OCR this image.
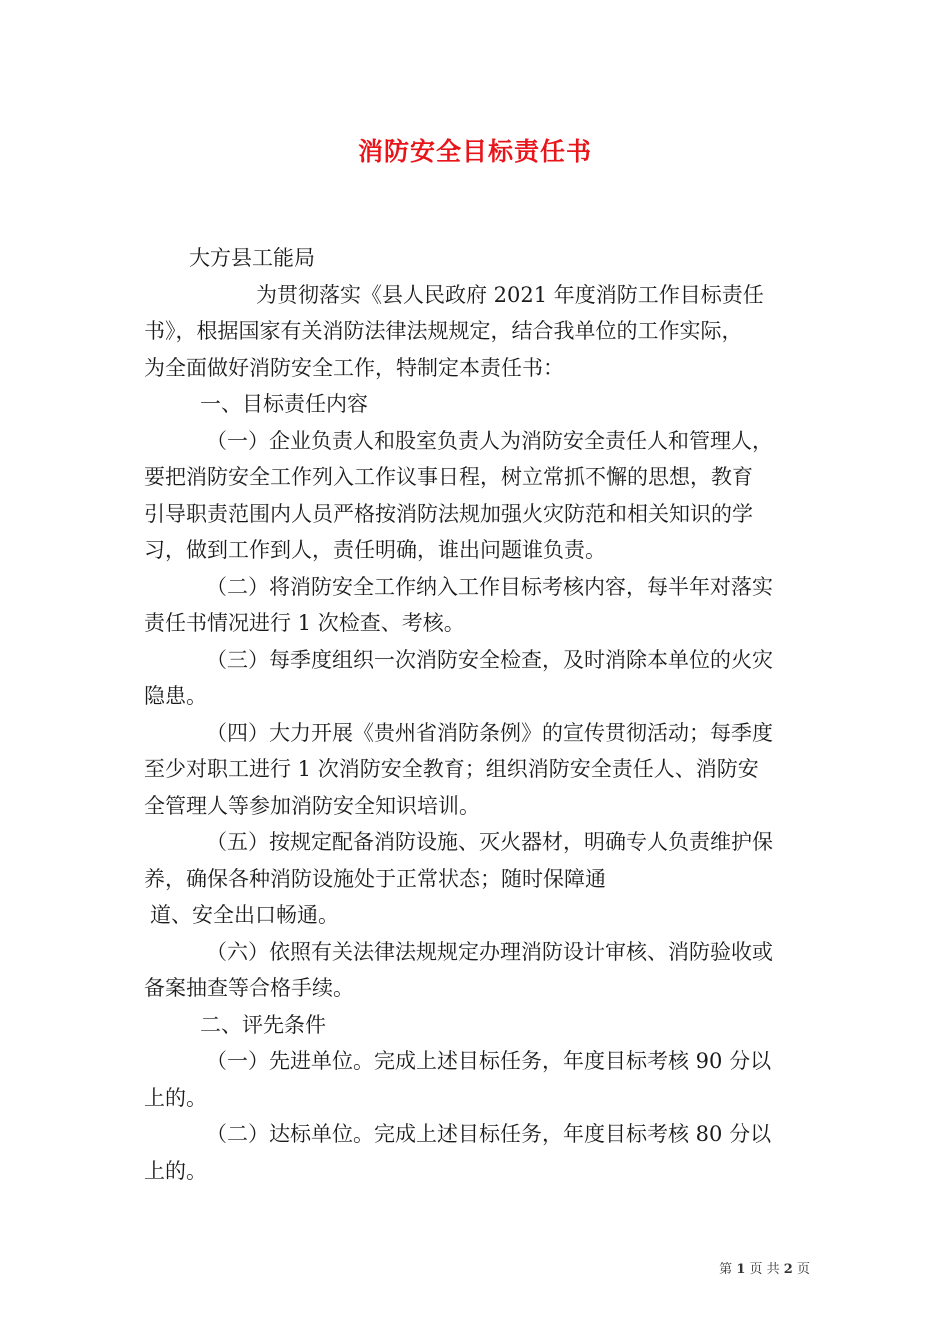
消防安全目标责任书
大方县工能局
为贯彻落实《县人民政府 2021 年度消防工作目标责任
书》，根据国家有关消防法律法规规定，结合我单位的工作实际，
为全面做好消防安全工作，特制定本责任书：
一、目标责任内容
（一）企业负责人和股室负责人为消防安全责任人和管理人，
要把消防安全工作列入工作议事日程，树立常抓不懈的思想，教育
引导职责范围内人员严格按消防法规加强火灾防范和相关知识的学
习，做到工作到人，责任明确，谁出问题谁负责。
（二）将消防安全工作纳入工作目标考核内容，每半年对落实
责任书情况进行 1 次检查、考核。
（三）每季度组织一次消防安全检查，及时消除本单位的火灾
隐患。
（四）大力开展《贵州省消防条例》的宣传贯彻活动；每季度
至少对职工进行 1 次消防安全教育；组织消防安全责任人、消防安
全管理人等参加消防安全知识培训。
（五）按规定配备消防设施、灭火器材，明确专人负责维护保
养，确保各种消防设施处于正常状态；随时保障通
道、安全出口畅通。
（六）依照有关法律法规规定办理消防设计审核、消防验收或
备案抽查等合格手续。
二、评先条件
（一）先进单位。完成上述目标任务，年度目标考核 90 分以
上的。
（二）达标单位。完成上述目标任务，年度目标考核 80 分以
上的。
第 1 页 共 2 页
